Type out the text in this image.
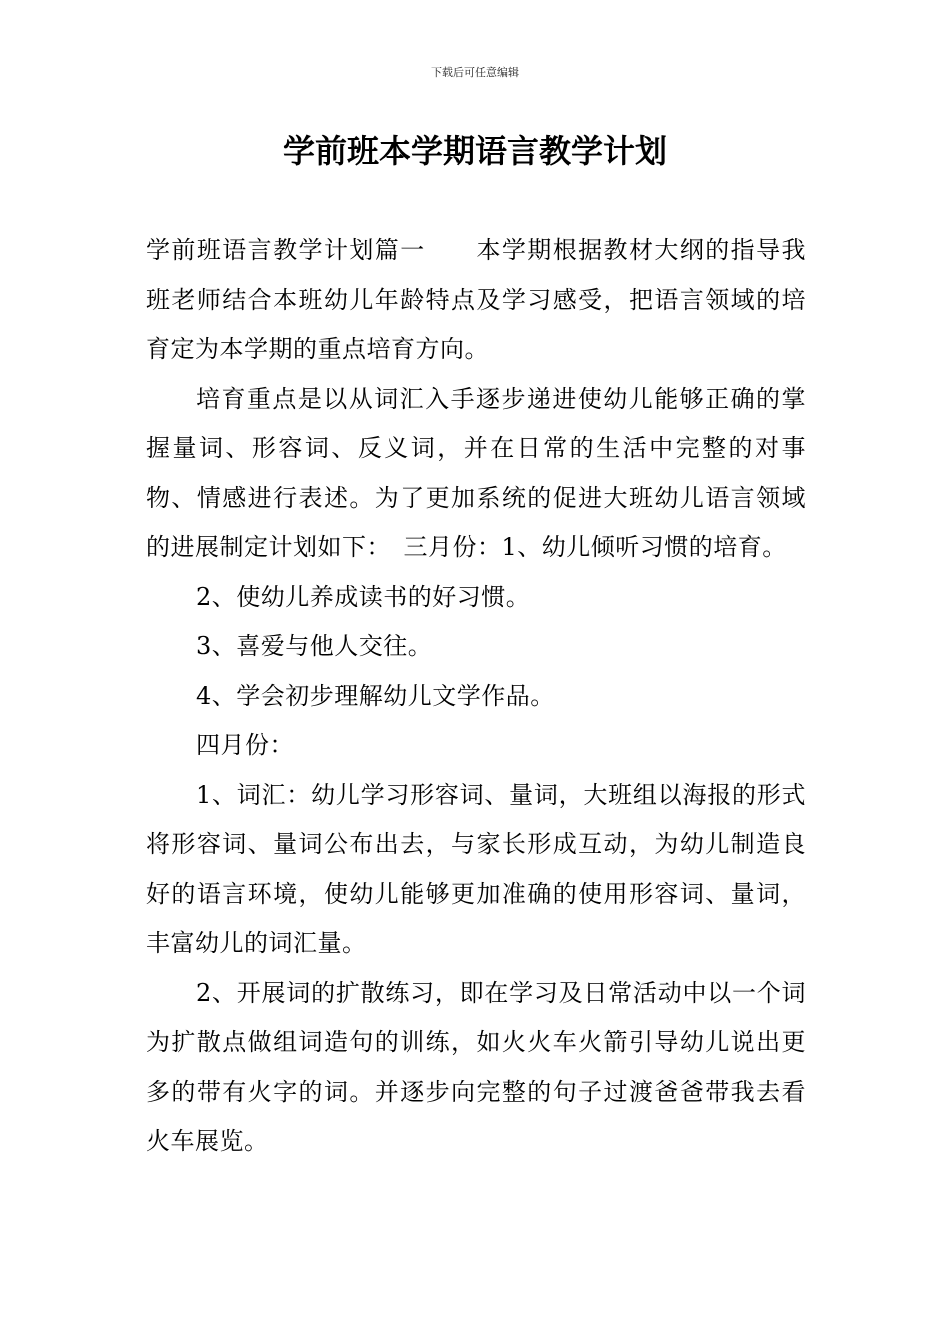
下载后可任意编辑
学前班本学期语言教学计划

学前班语言教学计划篇一　　本学期根据教材大纲的指导我班老师结合本班幼儿年龄特点及学习感受，把语言领域的培育定为本学期的重点培育方向。

培育重点是以从词汇入手逐步递进使幼儿能够正确的掌握量词、形容词、反义词，并在日常的生活中完整的对事物、情感进行表述。为了更加系统的促进大班幼儿语言领域的进展制定计划如下：　三月份：1、幼儿倾听习惯的培育。

2、使幼儿养成读书的好习惯。

3、喜爱与他人交往。

4、学会初步理解幼儿文学作品。

四月份：

1、词汇：幼儿学习形容词、量词，大班组以海报的形式将形容词、量词公布出去，与家长形成互动，为幼儿制造良好的语言环境，使幼儿能够更加准确的使用形容词、量词，丰富幼儿的词汇量。

2、开展词的扩散练习，即在学习及日常活动中以一个词为扩散点做组词造句的训练，如火火车火箭引导幼儿说出更多的带有火字的词。并逐步向完整的句子过渡爸爸带我去看火车展览。
